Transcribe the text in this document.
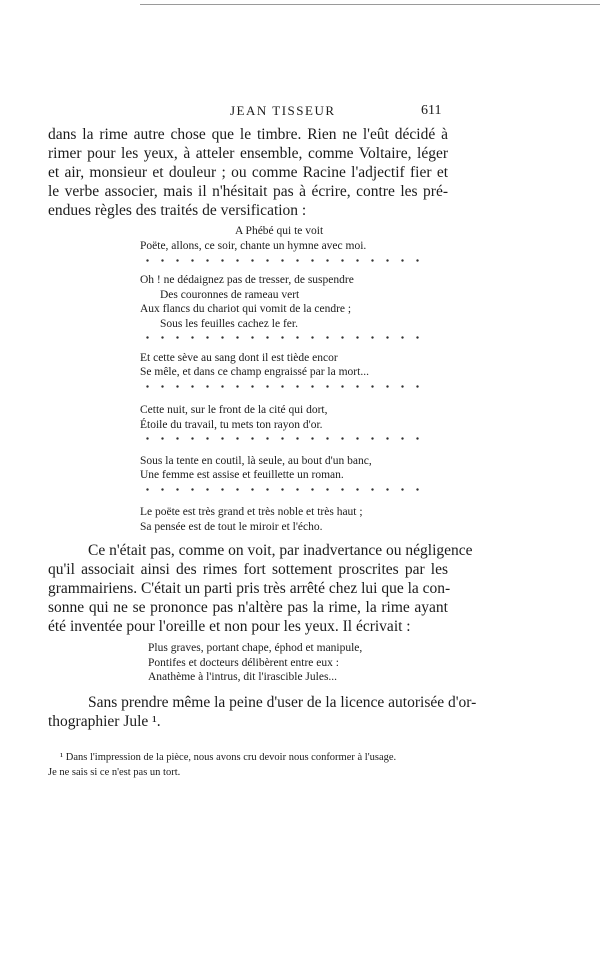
JEAN TISSEUR	611
dans la rime autre chose que le timbre. Rien ne l'eût décidé à
rimer pour les yeux, à atteler ensemble, comme Voltaire, léger
et air, monsieur et douleur ; ou comme Racine l'adjectif fier et
le verbe associer, mais il n'hésitait pas à écrire, contre les pré-
endues règles des traités de versification :
A Phébé qui te voit
Poëte, allons, ce soir, chante un hymne avec moi.
Oh ! ne dédaignez pas de tresser, de suspendre
Des couronnes de rameau vert
Aux flancs du chariot qui vomit de la cendre ;
Sous les feuilles cachez le fer.
Et cette sève au sang dont il est tiède encor
Se mêle, et dans ce champ engraissé par la mort...
Cette nuit, sur le front de la cité qui dort,
Étoile du travail, tu mets ton rayon d'or.
Sous la tente en coutil, là seule, au bout d'un banc,
Une femme est assise et feuillette un roman.
Le poëte est très grand et très noble et très haut ;
Sa pensée est de tout le miroir et l'écho.
Ce n'était pas, comme on voit, par inadvertance ou négligence
qu'il associait ainsi des rimes fort sottement proscrites par les
grammairiens. C'était un parti pris très arrêté chez lui que la con-
sonne qui ne se prononce pas n'altère pas la rime, la rime ayant
été inventée pour l'oreille et non pour les yeux. Il écrivait :
Plus graves, portant chape, éphod et manipule,
Pontifes et docteurs délibèrent entre eux :
Anathème à l'intrus, dit l'irascible Jules...
Sans prendre même la peine d'user de la licence autorisée d'or-
thographier Jule ¹.
¹ Dans l'impression de la pièce, nous avons cru devoir nous conformer à l'usage.
Je ne sais si ce n'est pas un tort.
